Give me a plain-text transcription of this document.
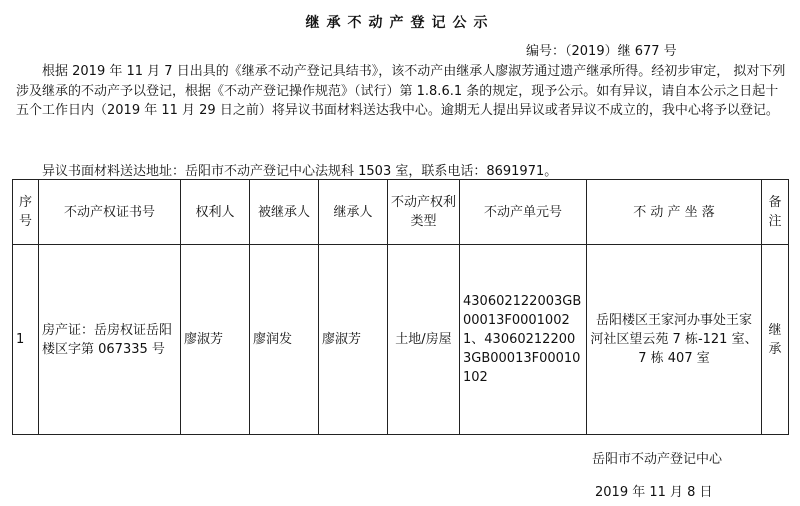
继承不动产登记公示
编号：（2019）继 677 号

根据 2019 年 11 月 7 日出具的《继承不动产登记具结书》，该不动产由继承人廖淑芳通过遗产继承所得。经初步审定， 拟对下列涉及继承的不动产予以登记，根据《不动产登记操作规范》（试行）第 1.8.6.1 条的规定，现予公示。如有异议，请自本公示之日起十五个工作日内（2019 年 11 月 29 日之前）将异议书面材料送达我中心。逾期无人提出异议或者异议不成立的，我中心将予以登记。

异议书面材料送达地址：岳阳市不动产登记中心法规科 1503 室，联系电话：8691971。
序号	不动产权证书号	权利人	被继承人	继承人	不动产权利类型	不动产单元号	不 动 产 坐 落	备注
1	房产证：岳房权证岳阳楼区字第 067335 号	廖淑芳	廖润发	廖淑芳	土地/房屋	430602122003GB00013F00010021、430602122003GB00013F00010102	岳阳楼区王家河办事处王家河社区望云苑 7 栋-121 室、7 栋 407 室	继承
岳阳市不动产登记中心
2019 年 11 月 8 日
